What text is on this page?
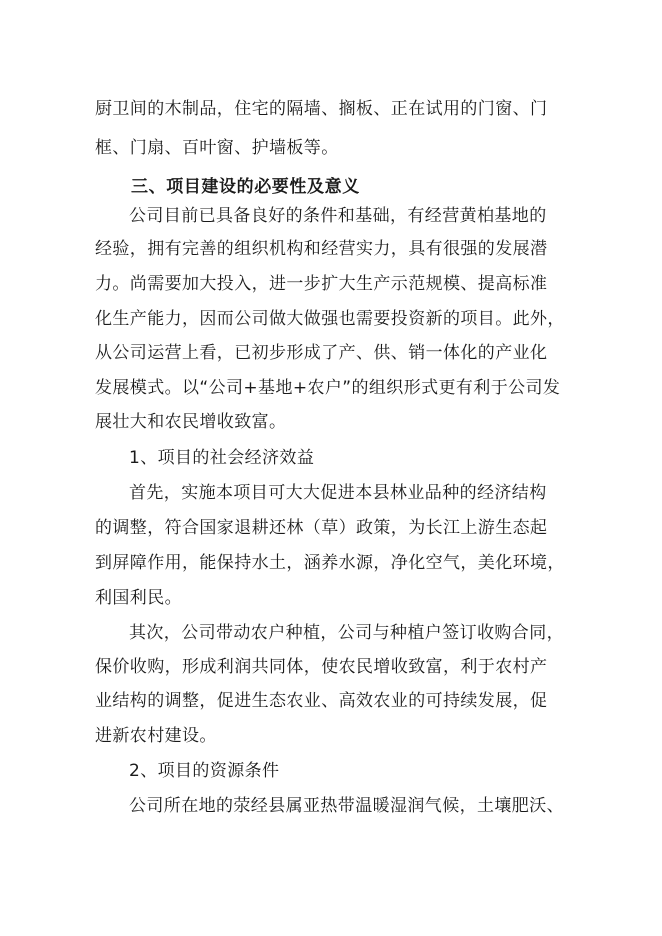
厨卫间的木制品，住宅的隔墙、搁板、正在试用的门窗、门
框、门扇、百叶窗、护墙板等。
三、项目建设的必要性及意义
公司目前已具备良好的条件和基础，有经营黄柏基地的
经验，拥有完善的组织机构和经营实力，具有很强的发展潜
力。尚需要加大投入，进一步扩大生产示范规模、提高标准
化生产能力，因而公司做大做强也需要投资新的项目。此外，
从公司运营上看，已初步形成了产、供、销一体化的产业化
发展模式。以“公司+基地+农户”的组织形式更有利于公司发
展壮大和农民增收致富。
1、项目的社会经济效益
首先，实施本项目可大大促进本县林业品种的经济结构
的调整，符合国家退耕还林（草）政策，为长江上游生态起
到屏障作用，能保持水土，涵养水源，净化空气，美化环境，
利国利民。
其次，公司带动农户种植，公司与种植户签订收购合同，
保价收购，形成利润共同体，使农民增收致富，利于农村产
业结构的调整，促进生态农业、高效农业的可持续发展，促
进新农村建设。
2、项目的资源条件
公司所在地的荥经县属亚热带温暖湿润气候，土壤肥沃、
